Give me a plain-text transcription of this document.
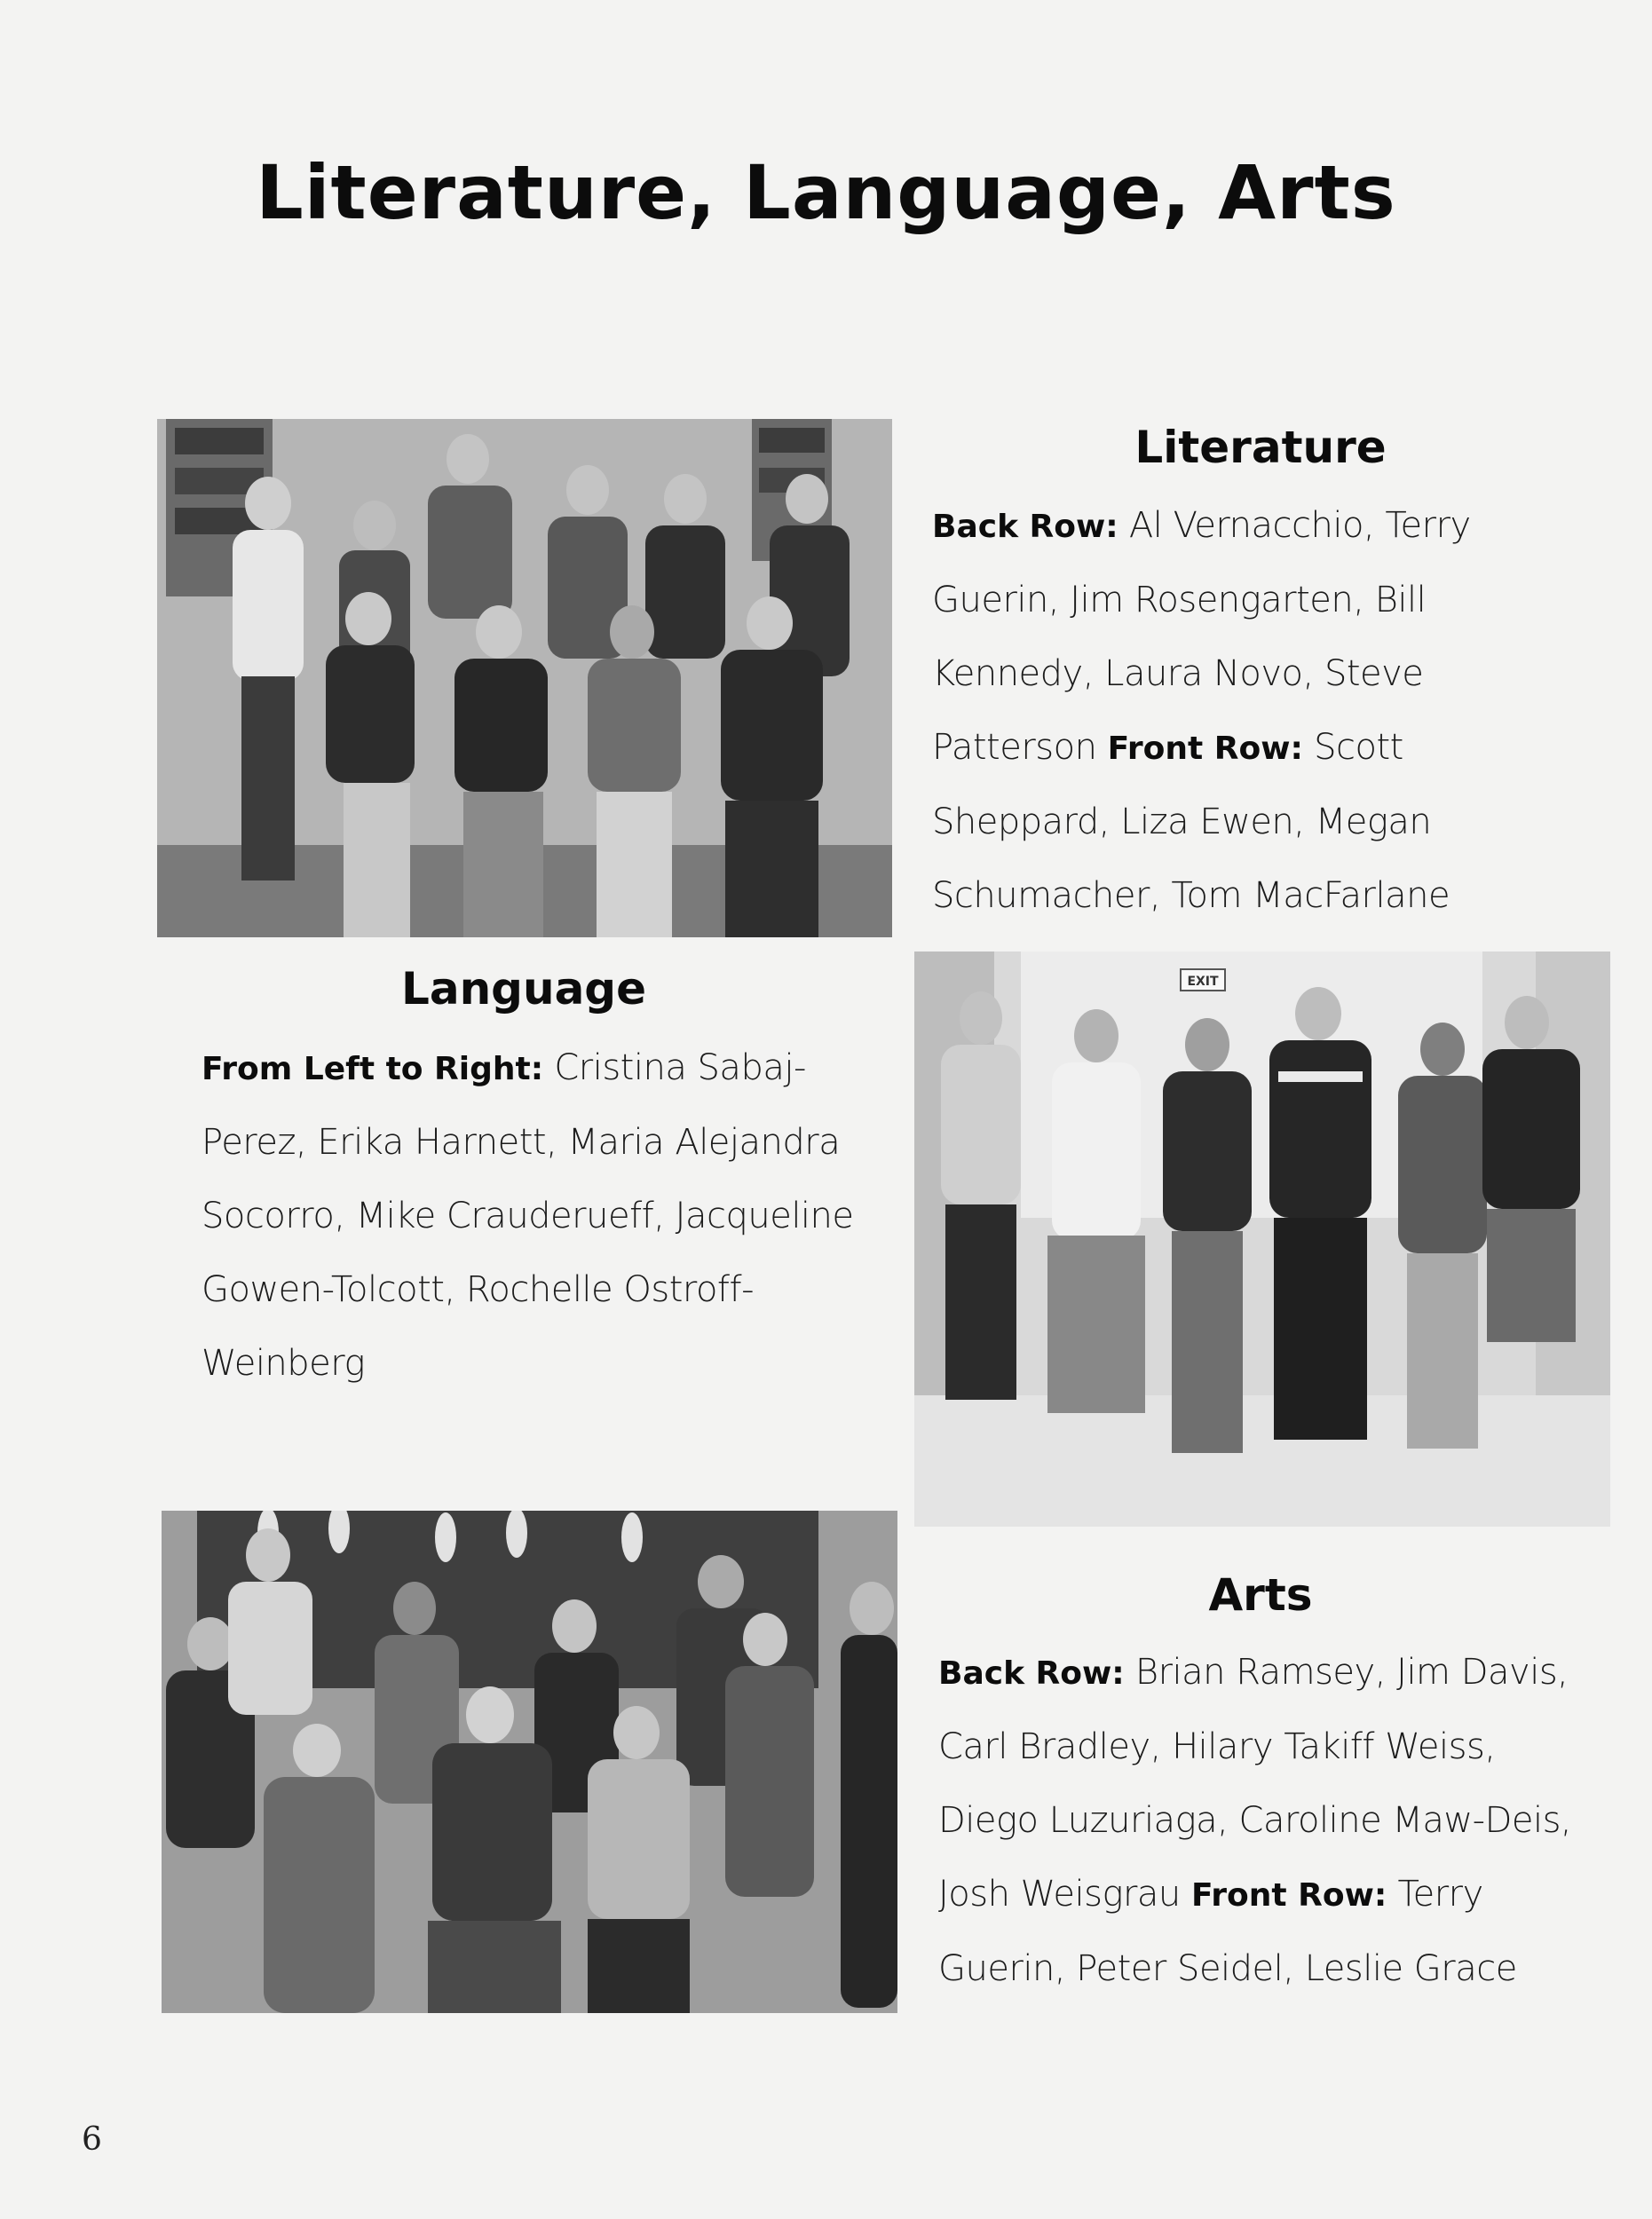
Literature, Language, Arts
Literature
Back Row: Al Vernacchio, Terry Guerin, Jim Rosengarten, Bill Kennedy, Laura Novo, Steve Patterson Front Row: Scott Sheppard, Liza Ewen, Megan Schumacher, Tom MacFarlane
Language
From Left to Right: Cristina Sabaj-Perez, Erika Harnett, Maria Alejandra Socorro, Mike Crauderueff, Jacqueline Gowen-Tolcott, Rochelle Ostroff-Weinberg
EXIT
Arts
Back Row: Brian Ramsey, Jim Davis, Carl Bradley, Hilary Takiff Weiss, Diego Luzuriaga, Caroline Maw-Deis, Josh Weisgrau Front Row: Terry Guerin, Peter Seidel, Leslie Grace
6
